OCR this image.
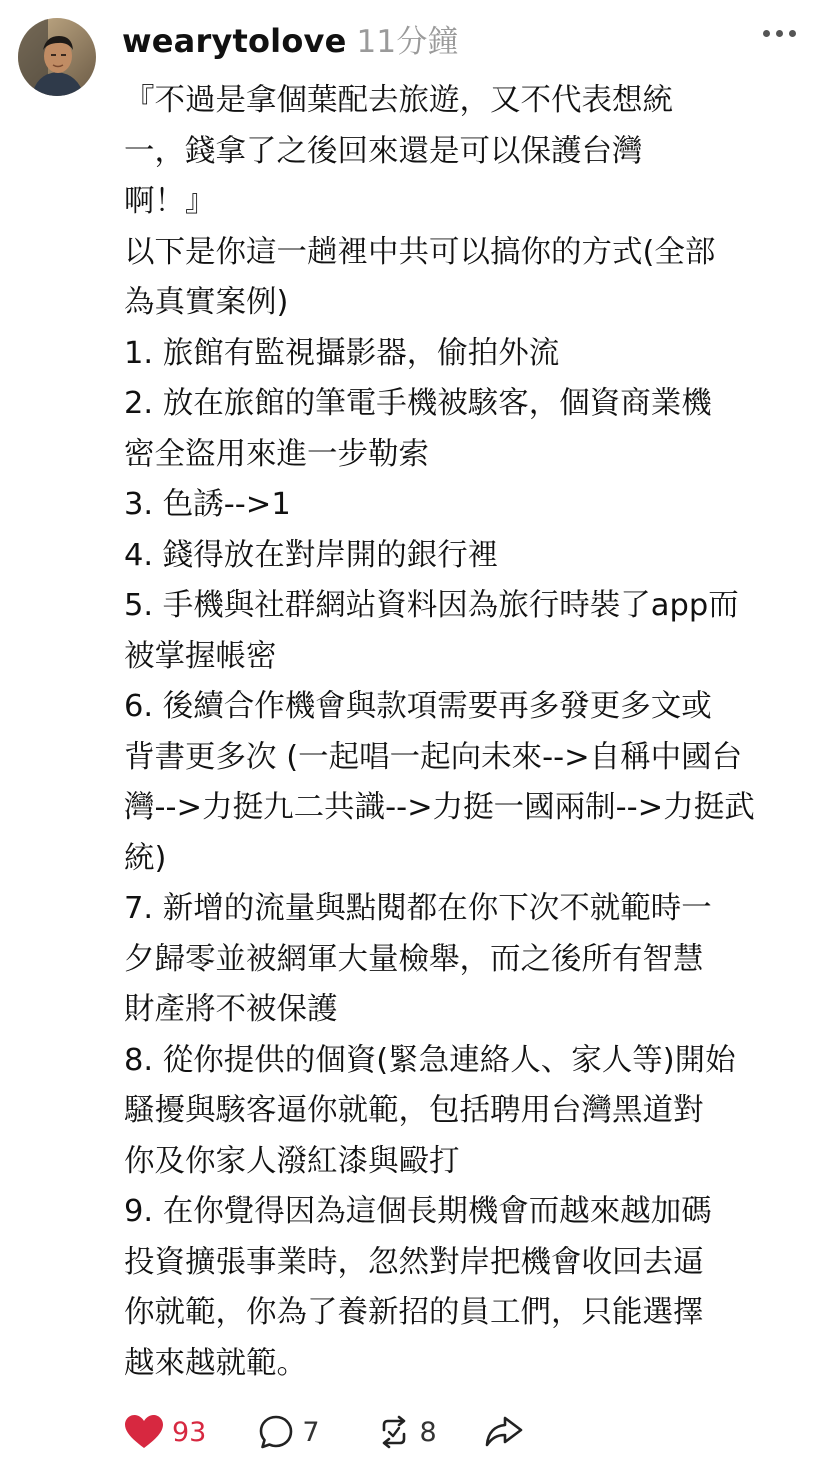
wearytolove 11分鐘
『不過是拿個葉配去旅遊，又不代表想統
一，錢拿了之後回來還是可以保護台灣
啊！』
以下是你這一趟裡中共可以搞你的方式(全部
為真實案例)
1. 旅館有監視攝影器，偷拍外流
2. 放在旅館的筆電手機被駭客，個資商業機
密全盜用來進一步勒索
3. 色誘-->1
4. 錢得放在對岸開的銀行裡
5. 手機與社群網站資料因為旅行時裝了app而
被掌握帳密
6. 後續合作機會與款項需要再多發更多文或
背書更多次 (一起唱一起向未來-->自稱中國台
灣-->力挺九二共識-->力挺一國兩制-->力挺武
統)
7. 新增的流量與點閱都在你下次不就範時一
夕歸零並被網軍大量檢舉，而之後所有智慧
財產將不被保護
8. 從你提供的個資(緊急連絡人、家人等)開始
騷擾與駭客逼你就範，包括聘用台灣黑道對
你及你家人潑紅漆與毆打
9. 在你覺得因為這個長期機會而越來越加碼
投資擴張事業時，忽然對岸把機會收回去逼
你就範，你為了養新招的員工們，只能選擇
越來越就範。
93	7	8
